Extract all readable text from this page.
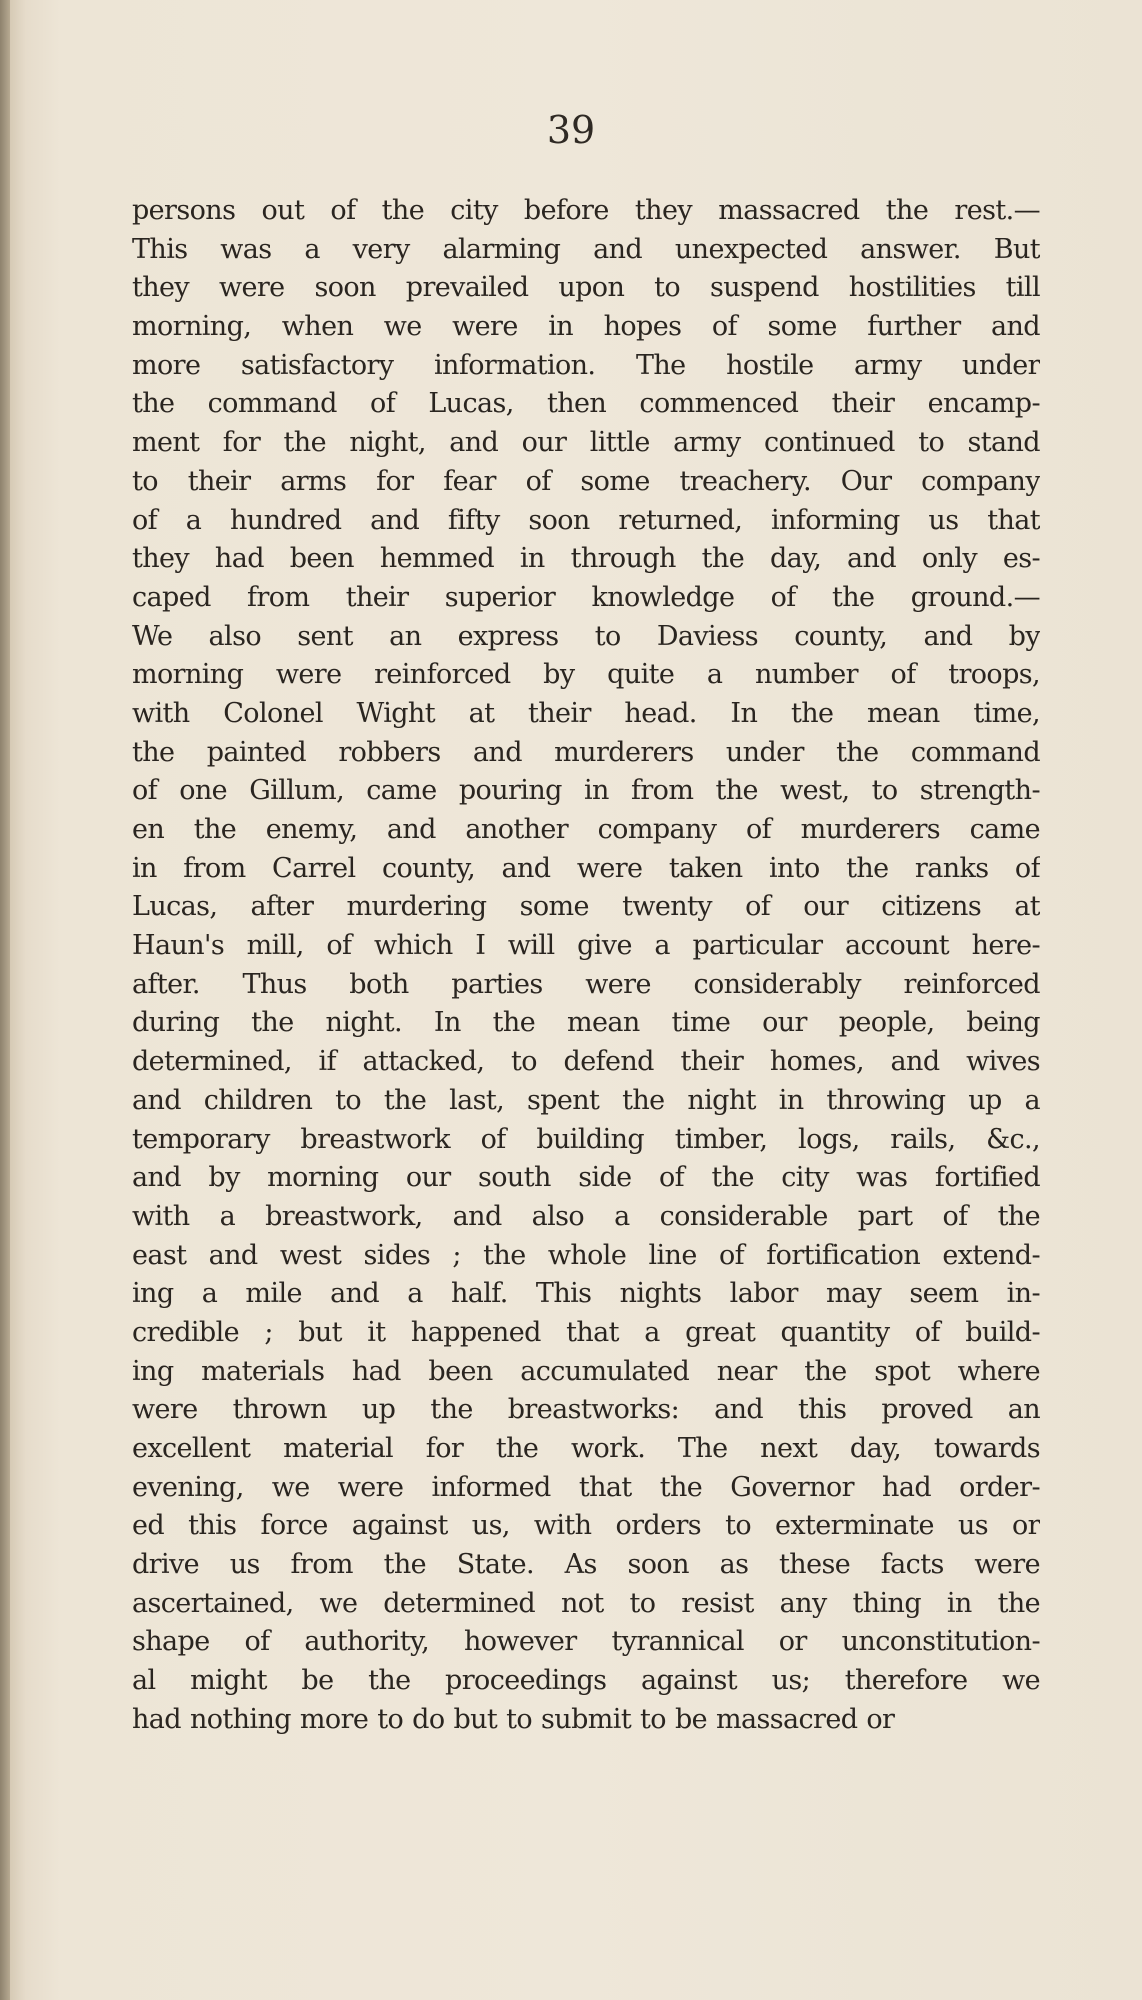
39
persons out of the city before they massacred the rest.—
This was a very alarming and unexpected answer. But
they were soon prevailed upon to suspend hostilities till
morning, when we were in hopes of some further and
more satisfactory information. The hostile army under
the command of Lucas, then commenced their encamp-
ment for the night, and our little army continued to stand
to their arms for fear of some treachery. Our company
of a hundred and fifty soon returned, informing us that
they had been hemmed in through the day, and only es-
caped from their superior knowledge of the ground.—
We also sent an express to Daviess county, and by
morning were reinforced by quite a number of troops,
with Colonel Wight at their head. In the mean time,
the painted robbers and murderers under the command
of one Gillum, came pouring in from the west, to strength-
en the enemy, and another company of murderers came
in from Carrel county, and were taken into the ranks of
Lucas, after murdering some twenty of our citizens at
Haun's mill, of which I will give a particular account here-
after. Thus both parties were considerably reinforced
during the night. In the mean time our people, being
determined, if attacked, to defend their homes, and wives
and children to the last, spent the night in throwing up a
temporary breastwork of building timber, logs, rails, &c.,
and by morning our south side of the city was fortified
with a breastwork, and also a considerable part of the
east and west sides ; the whole line of fortification extend-
ing a mile and a half. This nights labor may seem in-
credible ; but it happened that a great quantity of build-
ing materials had been accumulated near the spot where
were thrown up the breastworks: and this proved an
excellent material for the work. The next day, towards
evening, we were informed that the Governor had order-
ed this force against us, with orders to exterminate us or
drive us from the State. As soon as these facts were
ascertained, we determined not to resist any thing in the
shape of authority, however tyrannical or unconstitution-
al might be the proceedings against us; therefore we
had nothing more to do but to submit to be massacred or
